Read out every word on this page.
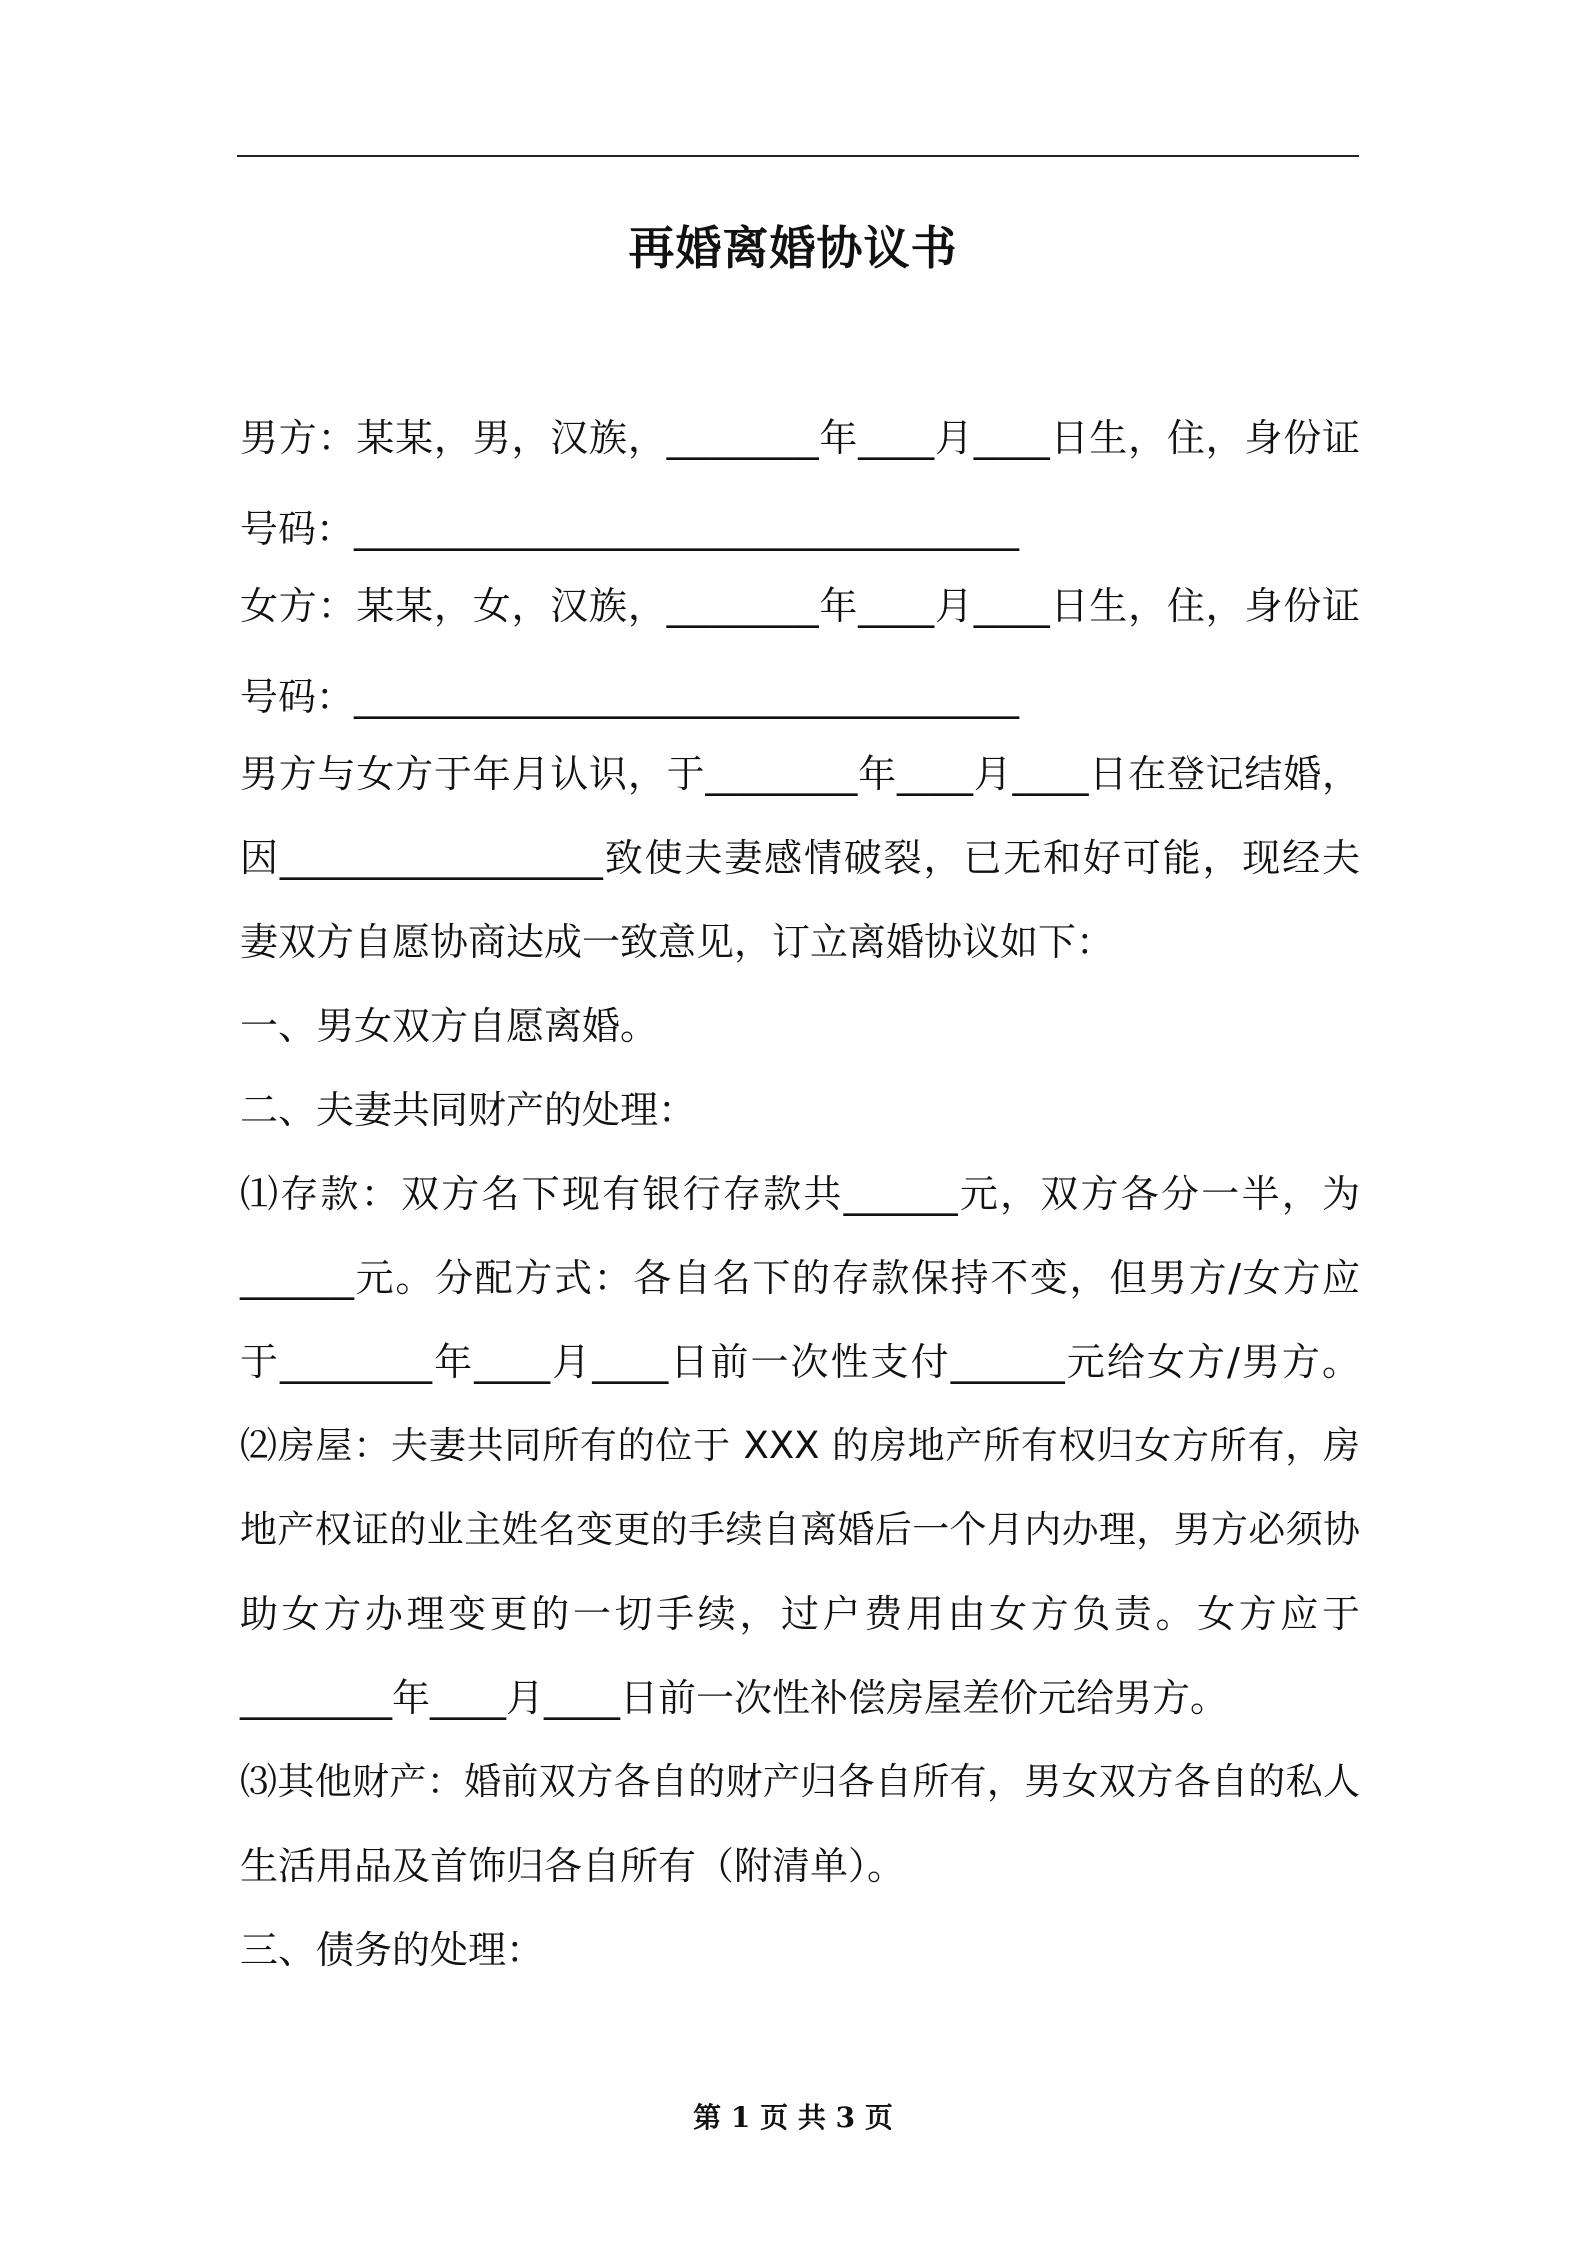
再婚离婚协议书
男方：某某，男，汉族，________年____月____日生，住，身份证
号码：___________________________________
女方：某某，女，汉族，________年____月____日生，住，身份证
号码：___________________________________
男方与女方于年月认识，于________年____月____日在登记结婚，
因_________________致使夫妻感情破裂，已无和好可能，现经夫
妻双方自愿协商达成一致意见，订立离婚协议如下：
一、男女双方自愿离婚。
二、夫妻共同财产的处理：
⑴存款：双方名下现有银行存款共______元，双方各分一半，为
______元。分配方式：各自名下的存款保持不变，但男方/女方应
于________年____月____日前一次性支付______元给女方/男方。
⑵房屋：夫妻共同所有的位于 XXX 的房地产所有权归女方所有，房
地产权证的业主姓名变更的手续自离婚后一个月内办理，男方必须协
助女方办理变更的一切手续，过户费用由女方负责。女方应于
________年____月____日前一次性补偿房屋差价元给男方。
⑶其他财产：婚前双方各自的财产归各自所有，男女双方各自的私人
生活用品及首饰归各自所有（附清单）。
三、债务的处理：
第 1 页 共 3 页
